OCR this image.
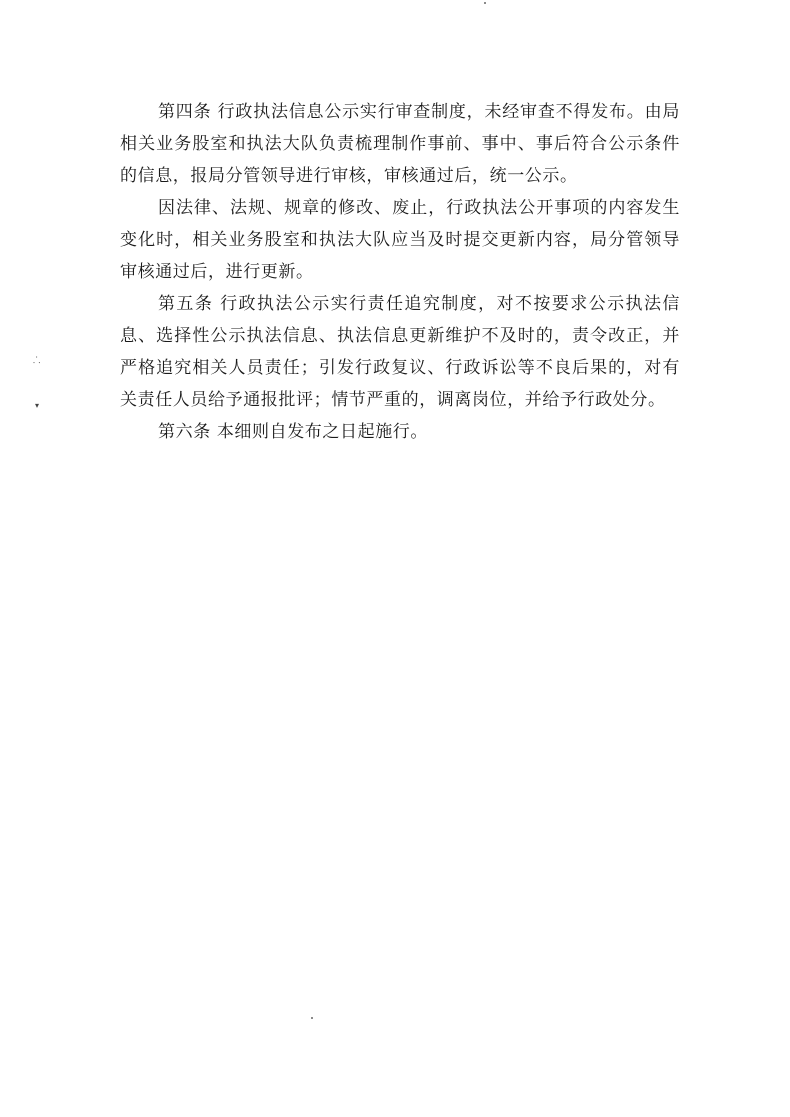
第四条 行政执法信息公示实行审查制度，未经审查不得发布。由局相关业务股室和执法大队负责梳理制作事前、事中、事后符合公示条件的信息，报局分管领导进行审核，审核通过后，统一公示。

因法律、法规、规章的修改、废止，行政执法公开事项的内容发生变化时，相关业务股室和执法大队应当及时提交更新内容，局分管领导审核通过后，进行更新。

第五条 行政执法公示实行责任追究制度，对不按要求公示执法信息、选择性公示执法信息、执法信息更新维护不及时的，责令改正，并严格追究相关人员责任；引发行政复议、行政诉讼等不良后果的，对有关责任人员给予通报批评；情节严重的，调离岗位，并给予行政处分。

第六条 本细则自发布之日起施行。

⸫
▾
